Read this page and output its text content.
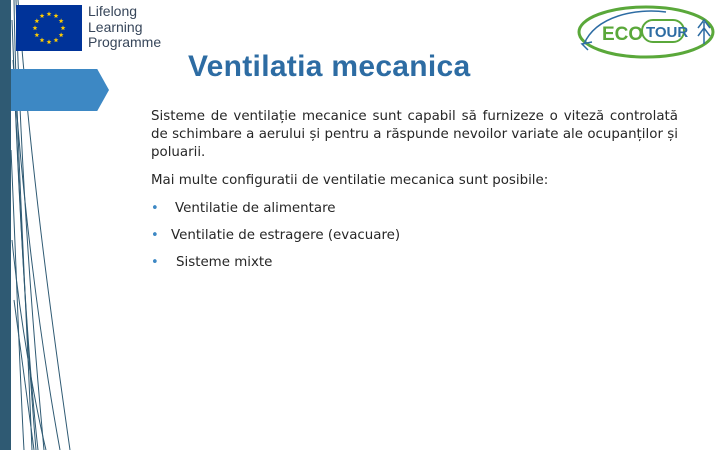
Lifelong
Learning
Programme	ECO TOUR
Ventilatia mecanica

Sisteme de ventilație mecanice sunt capabil să furnizeze o viteză controlată de schimbare a aerului și pentru a răspunde nevoilor variate ale ocupanților și poluarii.

Mai multe configuratii de ventilatie mecanica sunt posibile:

• Ventilatie de alimentare
• Ventilatie de estragere (evacuare)
• Sisteme mixte
